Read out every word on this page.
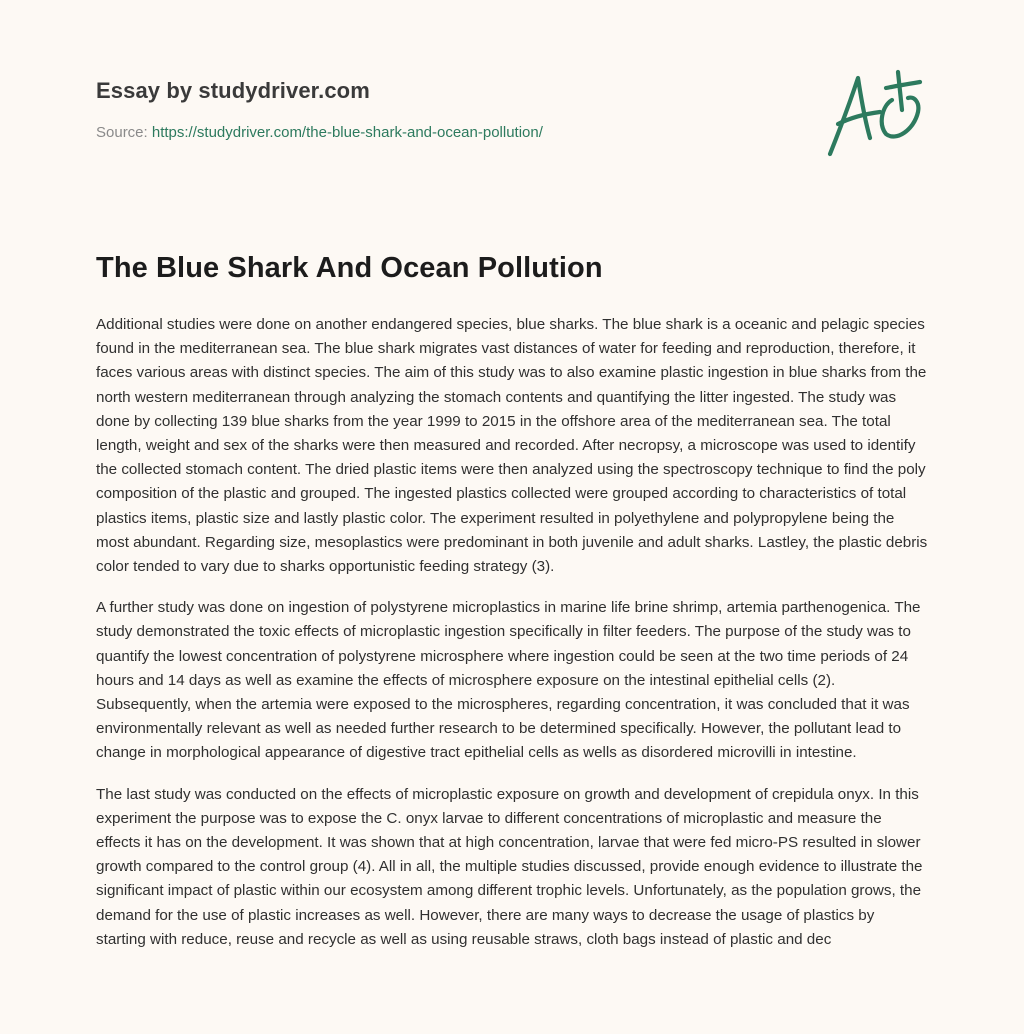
Essay by studydriver.com
Source: https://studydriver.com/the-blue-shark-and-ocean-pollution/
The Blue Shark And Ocean Pollution

Additional studies were done on another endangered species, blue sharks. The blue shark is a oceanic and pelagic species found in the mediterranean sea. The blue shark migrates vast distances of water for feeding and reproduction, therefore, it faces various areas with distinct species. The aim of this study was to also examine plastic ingestion in blue sharks from the north western mediterranean through analyzing the stomach contents and quantifying the litter ingested. The study was done by collecting 139 blue sharks from the year 1999 to 2015 in the offshore area of the mediterranean sea. The total length, weight and sex of the sharks were then measured and recorded. After necropsy, a microscope was used to identify the collected stomach content. The dried plastic items were then analyzed using the spectroscopy technique to find the poly composition of the plastic and grouped. The ingested plastics collected were grouped according to characteristics of total plastics items, plastic size and lastly plastic color. The experiment resulted in polyethylene and polypropylene being the most abundant. Regarding size, mesoplastics were predominant in both juvenile and adult sharks. Lastley, the plastic debris color tended to vary due to sharks opportunistic feeding strategy (3).

A further study was done on ingestion of polystyrene microplastics in marine life brine shrimp, artemia parthenogenica. The study demonstrated the toxic effects of microplastic ingestion specifically in filter feeders. The purpose of the study was to quantify the lowest concentration of polystyrene microsphere where ingestion could be seen at the two time periods of 24 hours and 14 days as well as examine the effects of microsphere exposure on the intestinal epithelial cells (2). Subsequently, when the artemia were exposed to the microspheres, regarding concentration, it was concluded that it was environmentally relevant as well as needed further research to be determined specifically. However, the pollutant lead to change in morphological appearance of digestive tract epithelial cells as wells as disordered microvilli in intestine.

The last study was conducted on the effects of microplastic exposure on growth and development of crepidula onyx. In this experiment the purpose was to expose the C. onyx larvae to different concentrations of microplastic and measure the effects it has on the development. It was shown that at high concentration, larvae that were fed micro-PS resulted in slower growth compared to the control group (4). All in all, the multiple studies discussed, provide enough evidence to illustrate the significant impact of plastic within our ecosystem among different trophic levels. Unfortunately, as the population grows, the demand for the use of plastic increases as well. However, there are many ways to decrease the usage of plastics by starting with reduce, reuse and recycle as well as using reusable straws, cloth bags instead of plastic and dec
